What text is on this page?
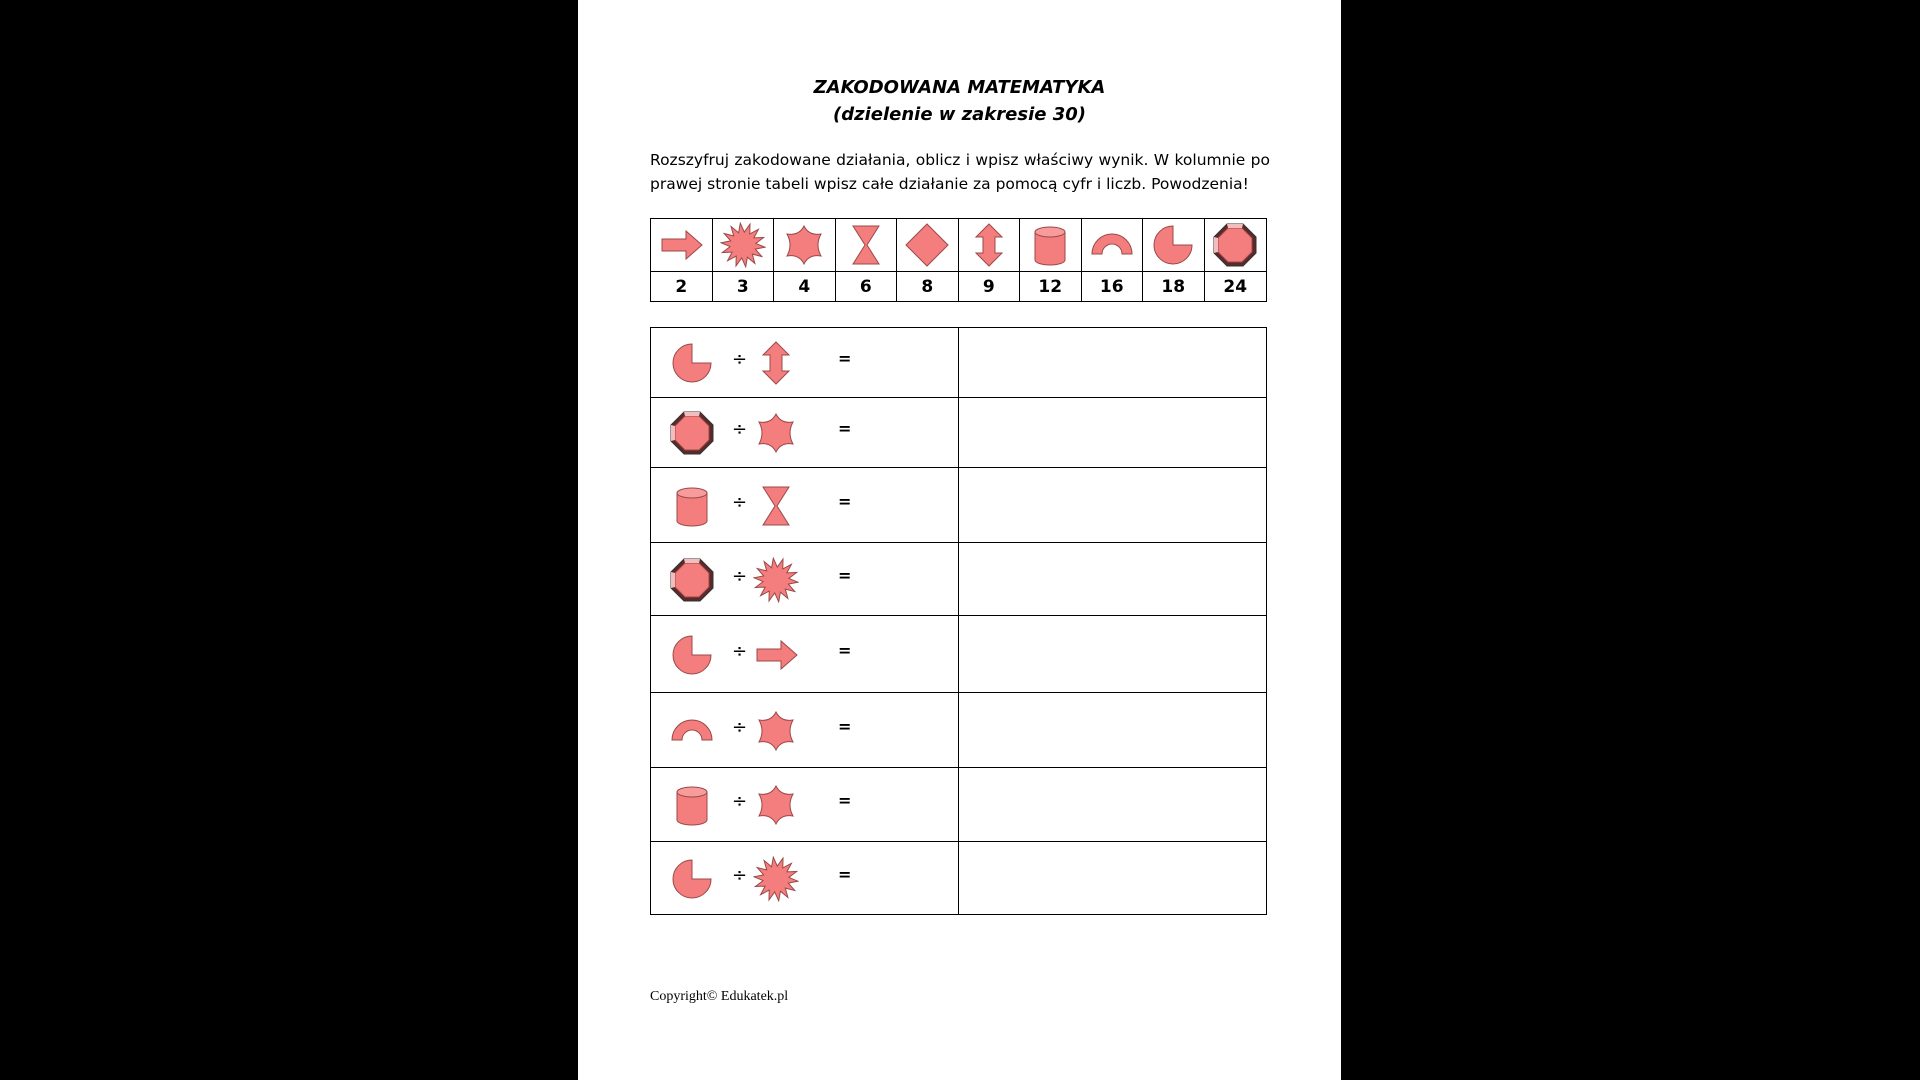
ZAKODOWANA MATEMATYKA
(dzielenie w zakresie 30)
Rozszyfruj zakodowane działania, oblicz i wpisz właściwy wynik. W kolumnie po prawej stronie tabeli wpisz całe działanie za pomocą cyfr i liczb. Powodzenia!
2	3	4	6	8	9	12	16	18	24
÷	=
÷	=
÷	=
÷	=
÷	=
÷	=
÷	=
÷	=
Copyright© Edukatek.pl
